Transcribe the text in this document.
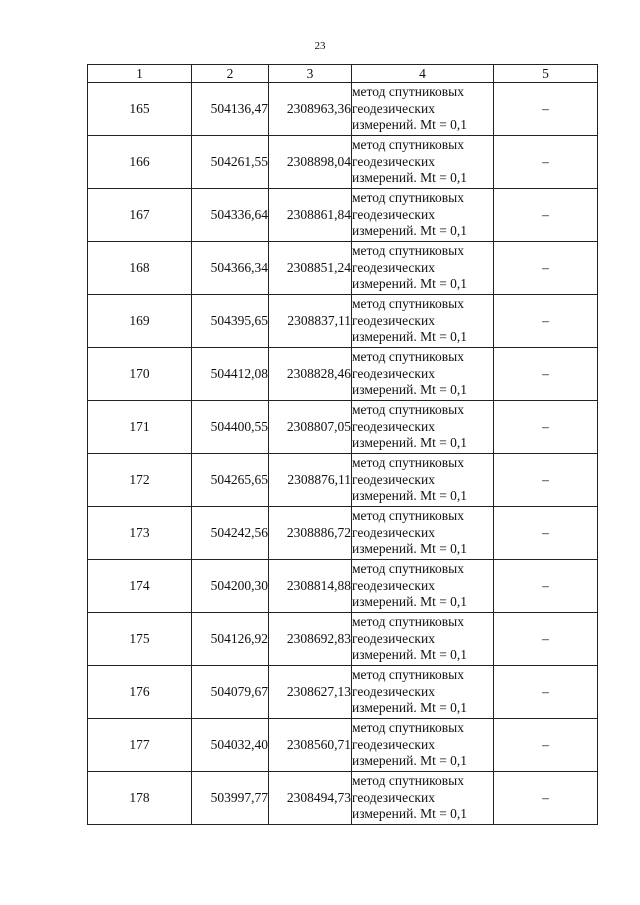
23
1	2	3	4	5
165	504136,47	2308963,36	метод спутниковых
геодезических
измерений. Mt = 0,1	–
166	504261,55	2308898,04	метод спутниковых
геодезических
измерений. Mt = 0,1	–
167	504336,64	2308861,84	метод спутниковых
геодезических
измерений. Mt = 0,1	–
168	504366,34	2308851,24	метод спутниковых
геодезических
измерений. Mt = 0,1	–
169	504395,65	2308837,11	метод спутниковых
геодезических
измерений. Mt = 0,1	–
170	504412,08	2308828,46	метод спутниковых
геодезических
измерений. Mt = 0,1	–
171	504400,55	2308807,05	метод спутниковых
геодезических
измерений. Mt = 0,1	–
172	504265,65	2308876,11	метод спутниковых
геодезических
измерений. Mt = 0,1	–
173	504242,56	2308886,72	метод спутниковых
геодезических
измерений. Mt = 0,1	–
174	504200,30	2308814,88	метод спутниковых
геодезических
измерений. Mt = 0,1	–
175	504126,92	2308692,83	метод спутниковых
геодезических
измерений. Mt = 0,1	–
176	504079,67	2308627,13	метод спутниковых
геодезических
измерений. Mt = 0,1	–
177	504032,40	2308560,71	метод спутниковых
геодезических
измерений. Mt = 0,1	–
178	503997,77	2308494,73	метод спутниковых
геодезических
измерений. Mt = 0,1	–
